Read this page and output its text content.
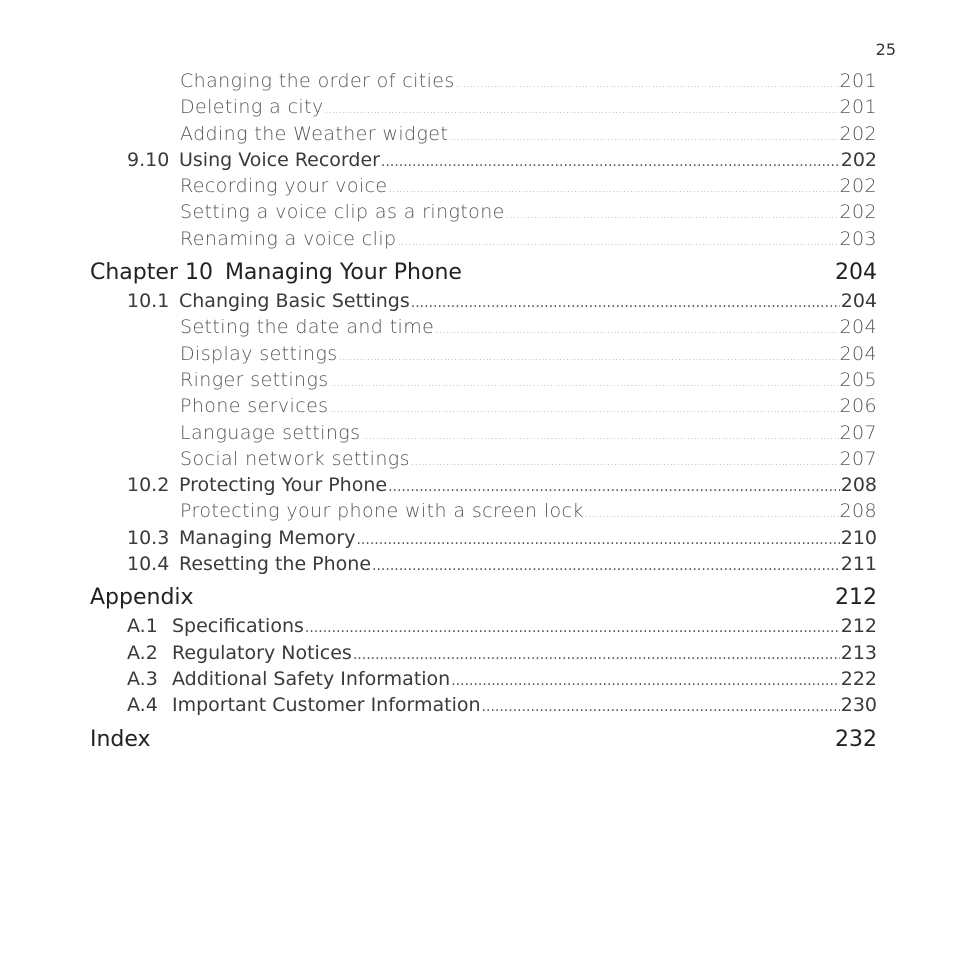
25
Changing the order of cities .....	201
Deleting a city .....	201
Adding the Weather widget .....	202
9.10 Using Voice Recorder .....	202
Recording your voice .....	202
Setting a voice clip as a ringtone .....	202
Renaming a voice clip .....	203
Chapter 10 Managing Your Phone	204
10.1 Changing Basic Settings .....	204
Setting the date and time .....	204
Display settings .....	204
Ringer settings .....	205
Phone services .....	206
Language settings .....	207
Social network settings .....	207
10.2 Protecting Your Phone .....	208
Protecting your phone with a screen lock .....	208
10.3 Managing Memory .....	210
10.4 Resetting the Phone .....	211
Appendix	212
A.1 Specifications .....	212
A.2 Regulatory Notices .....	213
A.3 Additional Safety Information .....	222
A.4 Important Customer Information .....	230
Index	232
